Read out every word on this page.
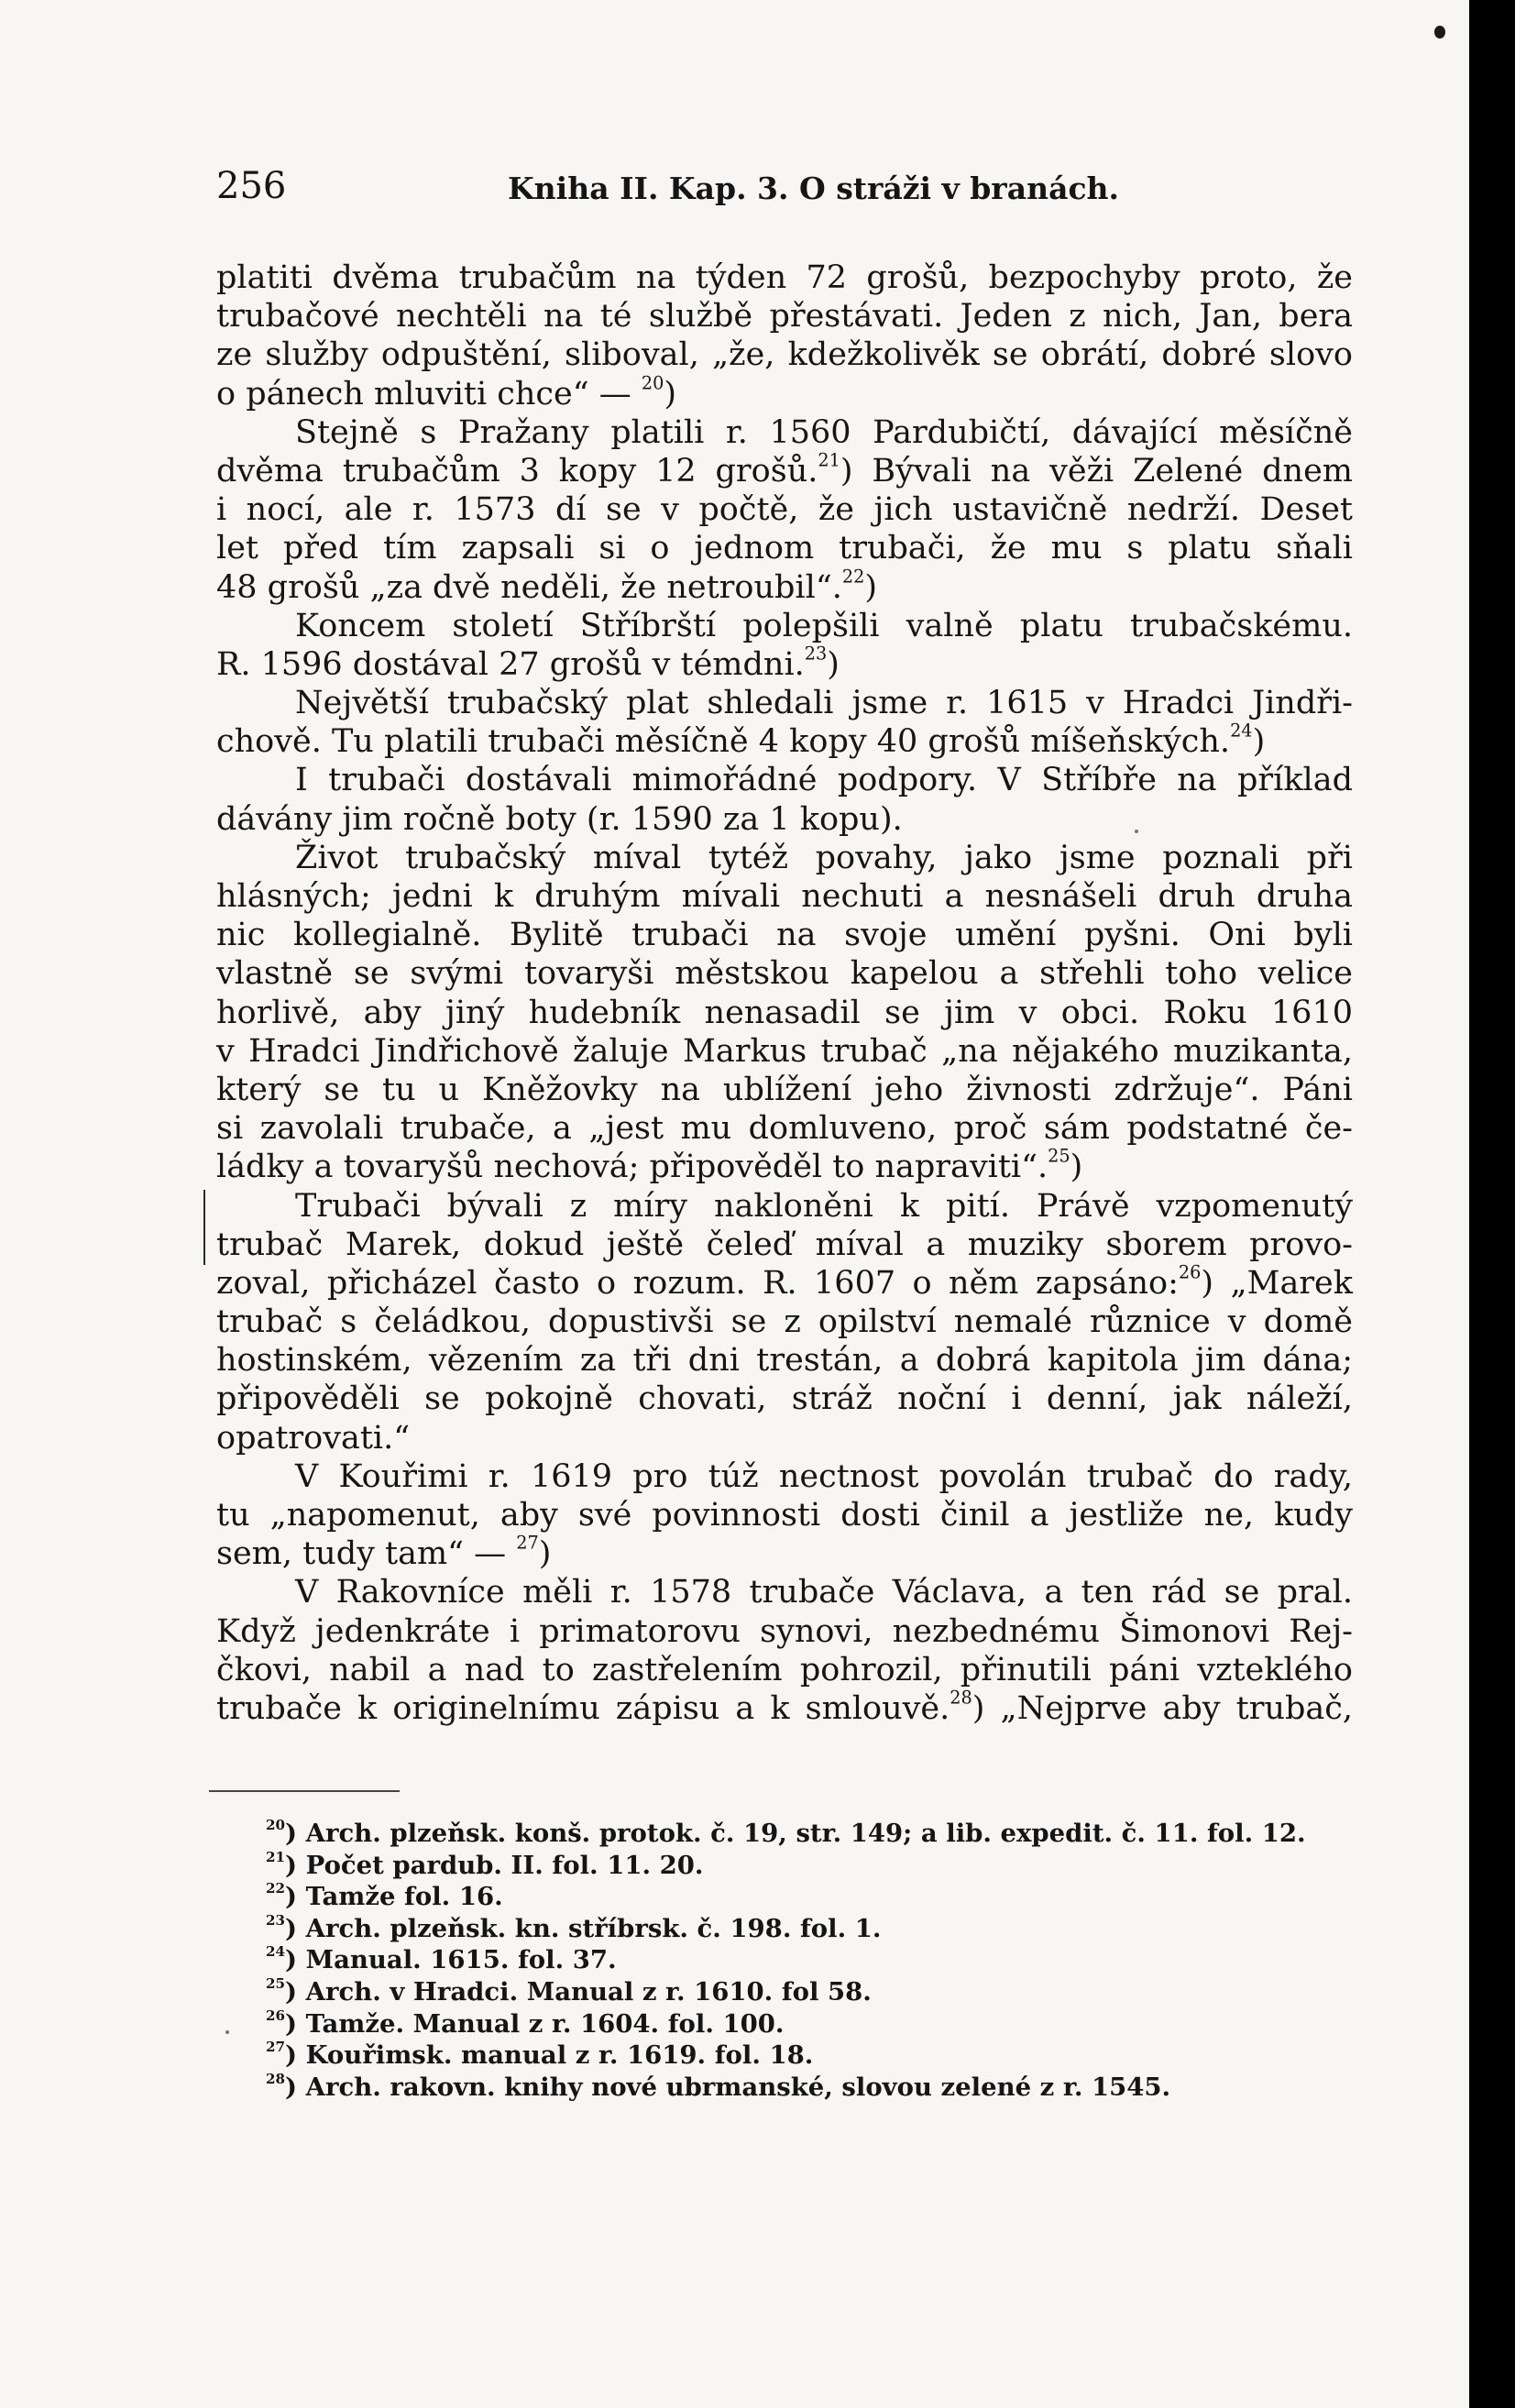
256	Kniha II. Kap. 3. O stráži v branách.
platiti dvěma trubačům na týden 72 grošů, bezpochyby proto, že
trubačové nechtěli na té službě přestávati. Jeden z nich, Jan, bera
ze služby odpuštění, sliboval, „že, kdežkolivěk se obrátí, dobré slovo
o pánech mluviti chce“ — $^{20}$)
Stejně s Pražany platili r. 1560 Pardubičtí, dávající měsíčně
dvěma trubačům 3 kopy 12 grošů.$^{21}$) Bývali na věži Zelené dnem
i nocí, ale r. 1573 dí se v počtě, že jich ustavičně nedrží. Deset
let před tím zapsali si o jednom trubači, že mu s platu sňali
48 grošů „za dvě neděli, že netroubil“.$^{22}$)
Koncem století Stříbrští polepšili valně platu trubačskému.
R. 1596 dostával 27 grošů v témdni.$^{23}$)
Největší trubačský plat shledali jsme r. 1615 v Hradci Jindři-
chově. Tu platili trubači měsíčně 4 kopy 40 grošů míšeňských.$^{24}$)
I trubači dostávali mimořádné podpory. V Stříbře na příklad
dávány jim ročně boty (r. 1590 za 1 kopu).
Život trubačský míval tytéž povahy, jako jsme poznali při
hlásných; jedni k druhým mívali nechuti a nesnášeli druh druha
nic kollegialně. Bylitě trubači na svoje umění pyšni. Oni byli
vlastně se svými tovaryši městskou kapelou a střehli toho velice
horlivě, aby jiný hudebník nenasadil se jim v obci. Roku 1610
v Hradci Jindřichově žaluje Markus trubač „na nějakého muzikanta,
který se tu u Kněžovky na ublížení jeho živnosti zdržuje“. Páni
si zavolali trubače, a „jest mu domluveno, proč sám podstatné če-
ládky a tovaryšů nechová; připověděl to napraviti“.$^{25}$)
Trubači bývali z míry nakloněni k pití. Právě vzpomenutý
trubač Marek, dokud ještě čeleď míval a muziky sborem provo-
zoval, přicházel často o rozum. R. 1607 o něm zapsáno:$^{26}$) „Marek
trubač s čeládkou, dopustivši se z opilství nemalé různice v domě
hostinském, vězením za tři dni trestán, a dobrá kapitola jim dána;
připověděli se pokojně chovati, stráž noční i denní, jak náleží,
opatrovati.“
V Kouřimi r. 1619 pro túž nectnost povolán trubač do rady,
tu „napomenut, aby své povinnosti dosti činil a jestliže ne, kudy
sem, tudy tam“ — $^{27}$)
V Rakovníce měli r. 1578 trubače Václava, a ten rád se pral.
Když jedenkráte i primatorovu synovi, nezbednému Šimonovi Rej-
čkovi, nabil a nad to zastřelením pohrozil, přinutili páni vzteklého
trubače k originelnímu zápisu a k smlouvě.$^{28}$) „Nejprve aby trubač,
$^{20}$) Arch. plzeňsk. konš. protok. č. 19, str. 149; a lib. expedit. č. 11. fol. 12.
$^{21}$) Počet pardub. II. fol. 11. 20.
$^{22}$) Tamže fol. 16.
$^{23}$) Arch. plzeňsk. kn. stříbrsk. č. 198. fol. 1.
$^{24}$) Manual. 1615. fol. 37.
$^{25}$) Arch. v Hradci. Manual z r. 1610. fol 58.
$^{26}$) Tamže. Manual z r. 1604. fol. 100.
$^{27}$) Kouřimsk. manual z r. 1619. fol. 18.
$^{28}$) Arch. rakovn. knihy nové ubrmanské, slovou zelené z r. 1545.
